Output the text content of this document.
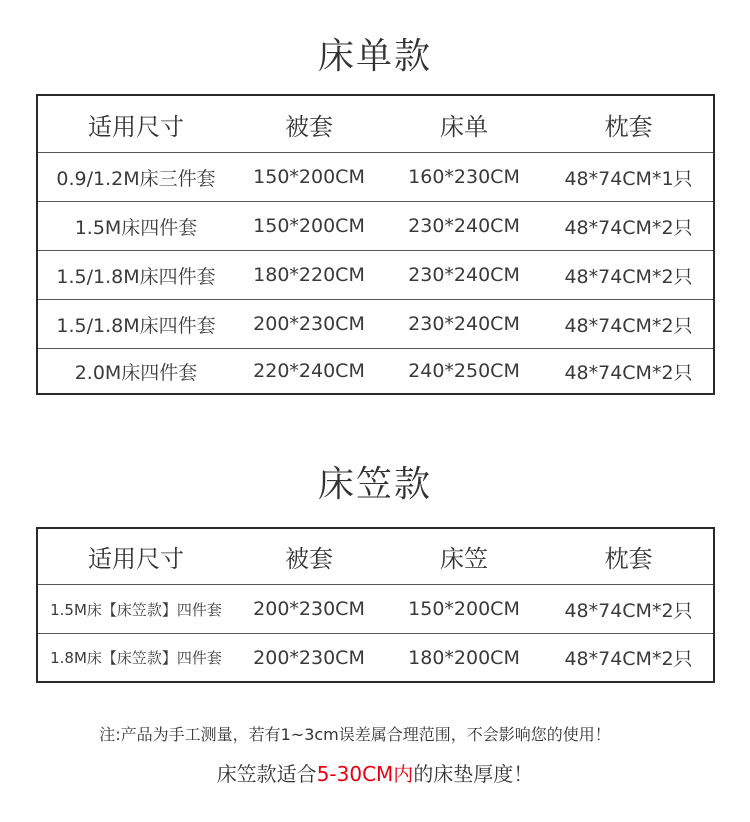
床单款
适用尺寸	被套	床单	枕套
0.9/1.2M床三件套	150*200CM	160*230CM	48*74CM*1只
1.5M床四件套	150*200CM	230*240CM	48*74CM*2只
1.5/1.8M床四件套	180*220CM	230*240CM	48*74CM*2只
1.5/1.8M床四件套	200*230CM	230*240CM	48*74CM*2只
2.0M床四件套	220*240CM	240*250CM	48*74CM*2只
床笠款
适用尺寸	被套	床笠	枕套
1.5M床【床笠款】四件套	200*230CM	150*200CM	48*74CM*2只
1.8M床【床笠款】四件套	200*230CM	180*200CM	48*74CM*2只
注:产品为手工测量，若有1~3cm误差属合理范围，不会影响您的使用！
床笠款适合5-30CM内的床垫厚度！
